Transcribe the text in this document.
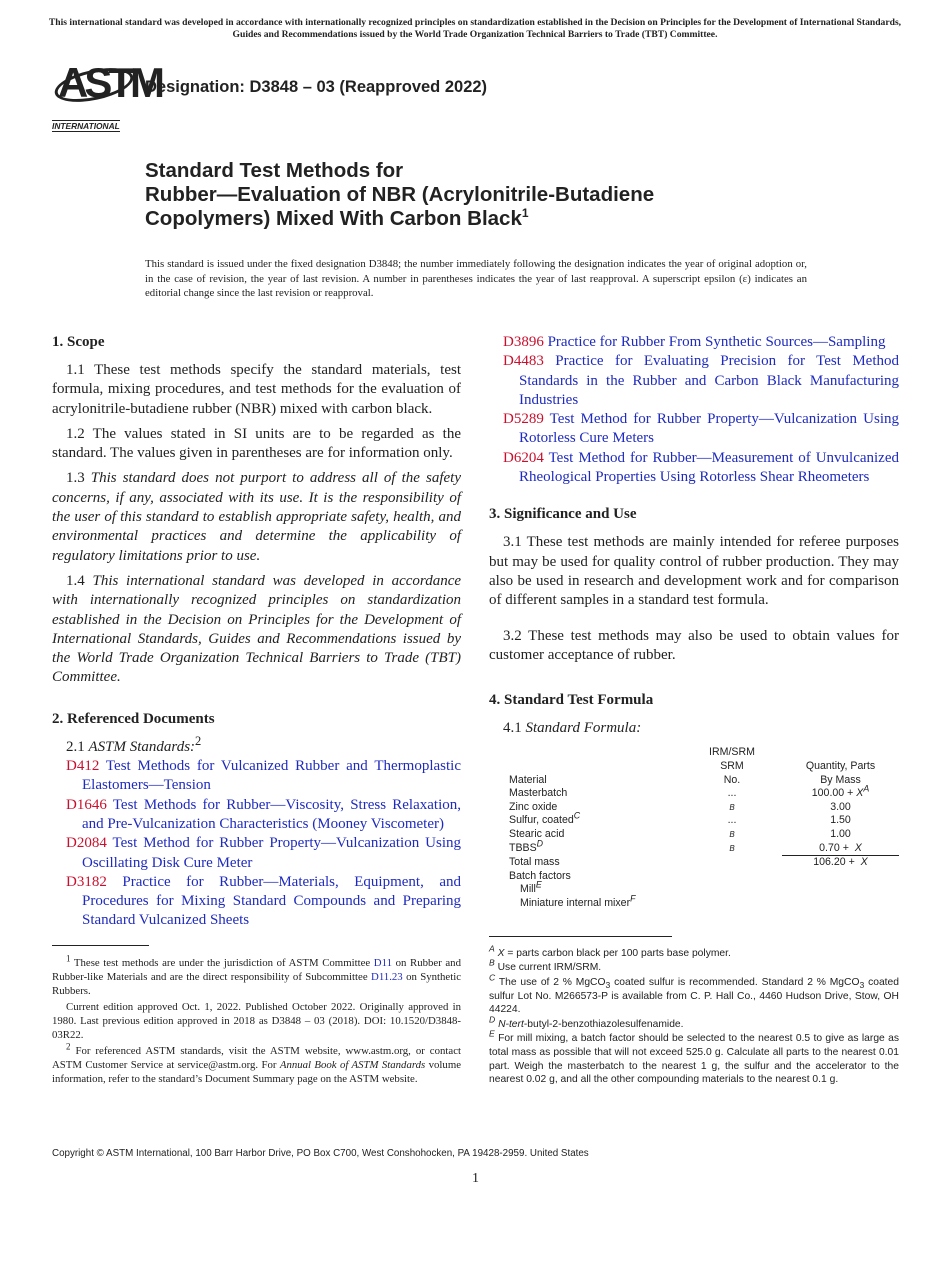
This international standard was developed in accordance with internationally recognized principles on standardization established in the Decision on Principles for the Development of International Standards, Guides and Recommendations issued by the World Trade Organization Technical Barriers to Trade (TBT) Committee.
ASTM
INTERNATIONAL
Designation: D3848 – 03 (Reapproved 2022)
Standard Test Methods for
Rubber—Evaluation of NBR (Acrylonitrile-Butadiene
Copolymers) Mixed With Carbon Black$^1$
This standard is issued under the fixed designation D3848; the number immediately following the designation indicates the year of original adoption or, in the case of revision, the year of last revision. A number in parentheses indicates the year of last reapproval. A superscript epsilon (ε) indicates an editorial change since the last revision or reapproval.
1. Scope

1.1 These test methods specify the standard materials, test formula, mixing procedures, and test methods for the evaluation of acrylonitrile-butadiene rubber (NBR) mixed with carbon black.

1.2 The values stated in SI units are to be regarded as the standard. The values given in parentheses are for information only.

1.3 This standard does not purport to address all of the safety concerns, if any, associated with its use. It is the responsibility of the user of this standard to establish appropriate safety, health, and environmental practices and determine the applicability of regulatory limitations prior to use.

1.4 This international standard was developed in accordance with internationally recognized principles on standardization established in the Decision on Principles for the Development of International Standards, Guides and Recommendations issued by the World Trade Organization Technical Barriers to Trade (TBT) Committee.

2. Referenced Documents
2.1 ASTM Standards:$^2$
D412 Test Methods for Vulcanized Rubber and Thermoplastic Elastomers—Tension
D1646 Test Methods for Rubber—Viscosity, Stress Relaxation, and Pre-Vulcanization Characteristics (Mooney Viscometer)
D2084 Test Method for Rubber Property—Vulcanization Using Oscillating Disk Cure Meter
D3182 Practice for Rubber—Materials, Equipment, and Procedures for Mixing Standard Compounds and Preparing Standard Vulcanized Sheets

$^1$ These test methods are under the jurisdiction of ASTM Committee D11 on Rubber and Rubber-like Materials and are the direct responsibility of Subcommittee D11.23 on Synthetic Rubbers.

Current edition approved Oct. 1, 2022. Published October 2022. Originally approved in 1980. Last previous edition approved in 2018 as D3848 – 03 (2018). DOI: 10.1520/D3848-03R22.

$^2$ For referenced ASTM standards, visit the ASTM website, www.astm.org, or contact ASTM Customer Service at service@astm.org. For Annual Book of ASTM Standards volume information, refer to the standard’s Document Summary page on the ASTM website.

D3896 Practice for Rubber From Synthetic Sources—Sampling
D4483 Practice for Evaluating Precision for Test Method Standards in the Rubber and Carbon Black Manufacturing Industries
D5289 Test Method for Rubber Property—Vulcanization Using Rotorless Cure Meters
D6204 Test Method for Rubber—Measurement of Unvulcanized Rheological Properties Using Rotorless Shear Rheometers
3. Significance and Use

3.1 These test methods are mainly intended for referee purposes but may be used for quality control of rubber production. They may also be used in research and development work and for comparison of different samples in a standard test formula.

3.2 These test methods may also be used to obtain values for customer acceptance of rubber.

4. Standard Test Formula
4.1 Standard Formula:
	IRM/SRM	
	SRM	Quantity, Parts
Material	No.	By Mass
Masterbatch	...	$100.00 + X^A$
Zinc oxide	B	3.00
Sulfur, coated$^C$	...	1.50
Stearic acid	B	1.00
$TBBS^D$	B	0.70 +  X
Total mass		106.20 +  X
Batch factors		
Mill$^E$		
Miniature internal mixer$^F$		

$^A$ X = parts carbon black per 100 parts base polymer.

$^B$ Use current IRM/SRM.

$^C$ The use of 2 % MgCO$_3$ coated sulfur is recommended. Standard 2 % MgCO$_3$ coated sulfur Lot No. M266573-P is available from C. P. Hall Co., 4460 Hudson Drive, Stow, OH 44224.

$^D$ N-tert-butyl-2-benzothiazolesulfenamide.

$^E$ For mill mixing, a batch factor should be selected to the nearest 0.5 to give as large as total mass as possible that will not exceed 525.0 g. Calculate all parts to the nearest 0.01 part. Weigh the masterbatch to the nearest 1 g, the sulfur and the accelerator to the nearest 0.02 g, and all the other compounding materials to the nearest 0.1 g.

Copyright © ASTM International, 100 Barr Harbor Drive, PO Box C700, West Conshohocken, PA 19428-2959. United States
1
